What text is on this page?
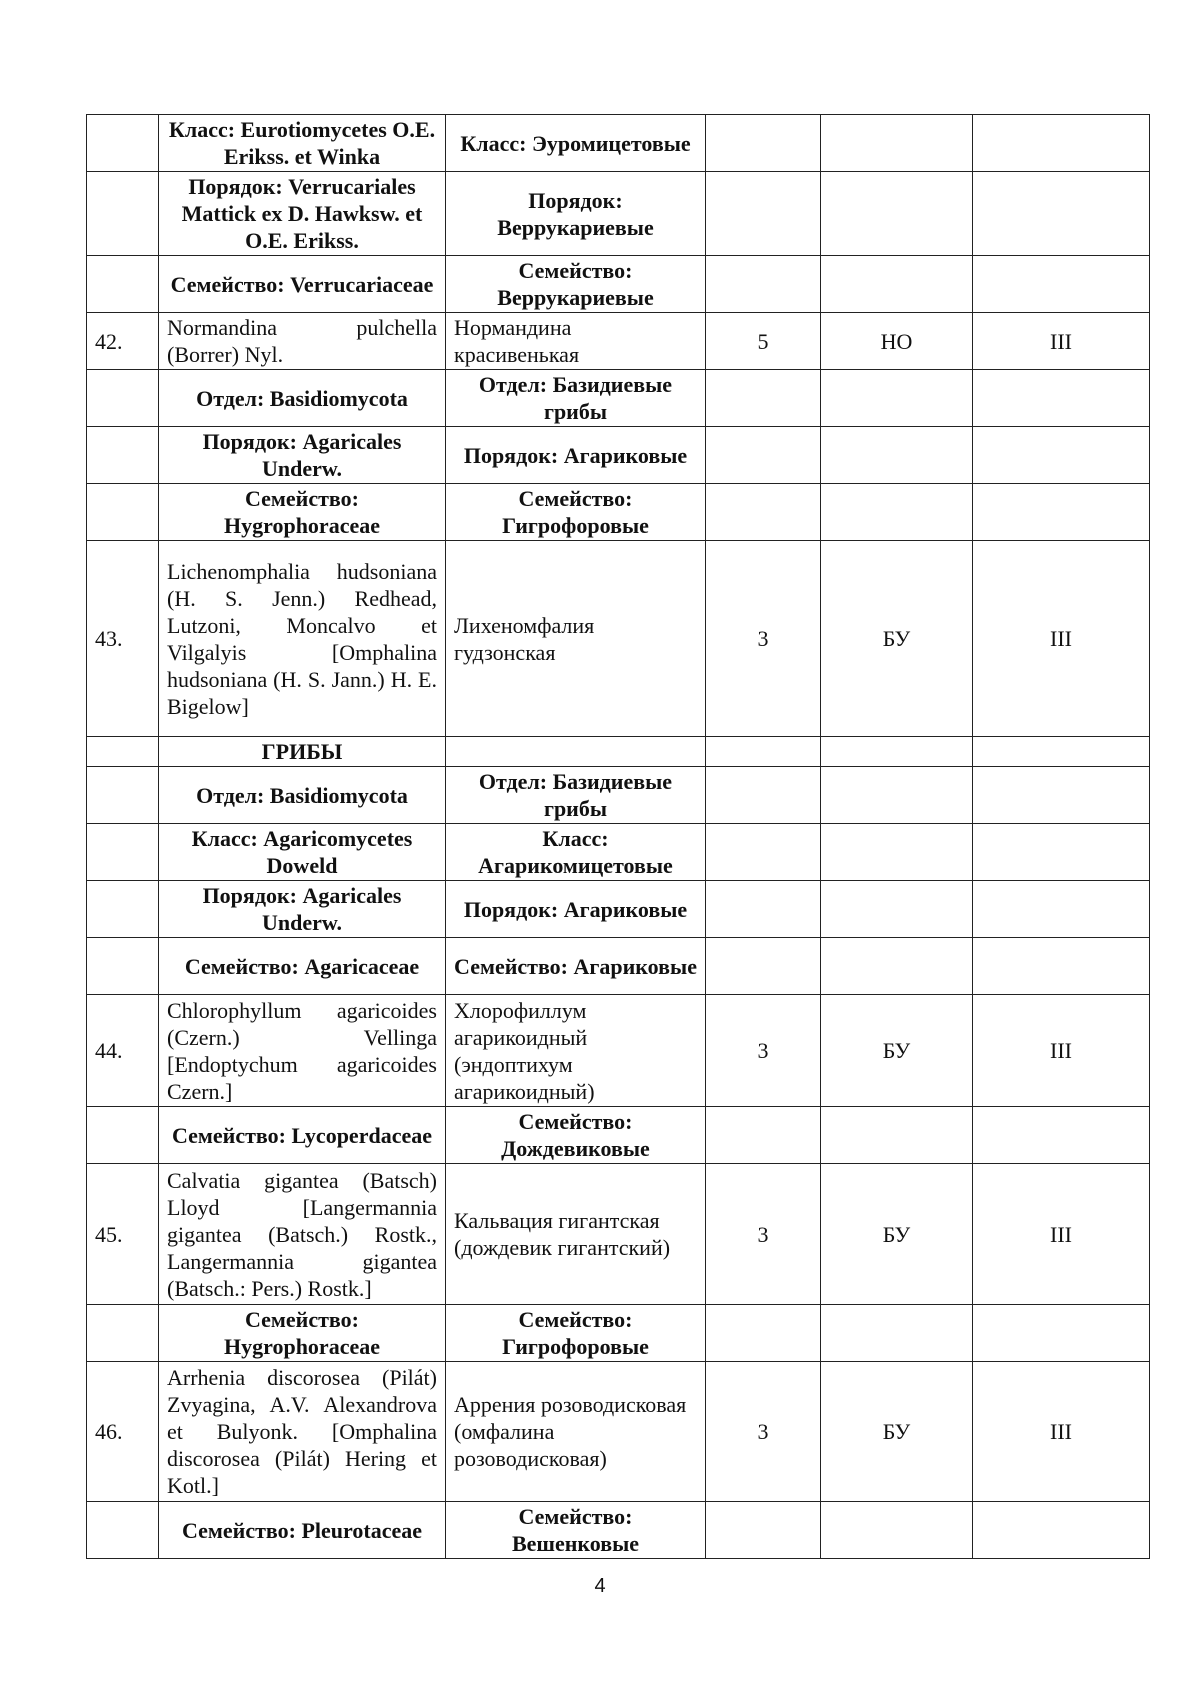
	Класс: Eurotiomycetes O.E. Erikss. et Winka	Класс: Эуромицетовые			
	Порядок: Verrucariales Mattick ex D. Hawksw. et O.E. Erikss.	Порядок: Веррукариевые			
	Семейство: Verrucariaceae	Семейство: Веррукариевые			
42.	Normandina pulchella (Borrer) Nyl.	Нормандина красивенькая	5	НО	III
	Отдел: Basidiomycota	Отдел: Базидиевые грибы			
	Порядок: Agaricales Underw.	Порядок: Агариковые			
	Семейство: Hygrophoraceae	Семейство: Гигрофоровые			
43.	Lichenomphalia hudsoniana (H. S. Jenn.) Redhead, Lutzoni, Moncalvo et Vilgalyis [Omphalina hudsoniana (H. S. Jann.) H. E. Bigelow]	Лихеномфалия гудзонская	3	БУ	III
	ГРИБЫ				
	Отдел: Basidiomycota	Отдел: Базидиевые грибы			
	Класс: Agaricomycetes Doweld	Класс: Агарикомицетовые			
	Порядок: Agaricales Underw.	Порядок: Агариковые			
	Семейство: Agaricaceae	Семейство: Агариковые			
44.	Chlorophyllum agaricoides (Czern.) Vellinga [Endoptychum agaricoides Czern.]	Хлорофиллум агарикоидный (эндоптихум агарикоидный)	3	БУ	III
	Семейство: Lycoperdaceae	Семейство: Дождевиковые			
45.	Calvatia gigantea (Batsch) Lloyd [Langermannia gigantea (Batsch.) Rostk., Langermannia gigantea (Batsch.: Pers.) Rostk.]	Кальвация гигантская (дождевик гигантский)	3	БУ	III
	Семейство: Hygrophoraceae	Семейство: Гигрофоровые			
46.	Arrhenia discorosea (Pilát) Zvyagina, A.V. Alexandrova et Bulyonk. [Omphalina discorosea (Pilát) Hering et Kotl.]	Аррения розоводисковая (омфалина розоводисковая)	3	БУ	III
	Семейство: Pleurotaceae	Семейство: Вешенковые			
4
